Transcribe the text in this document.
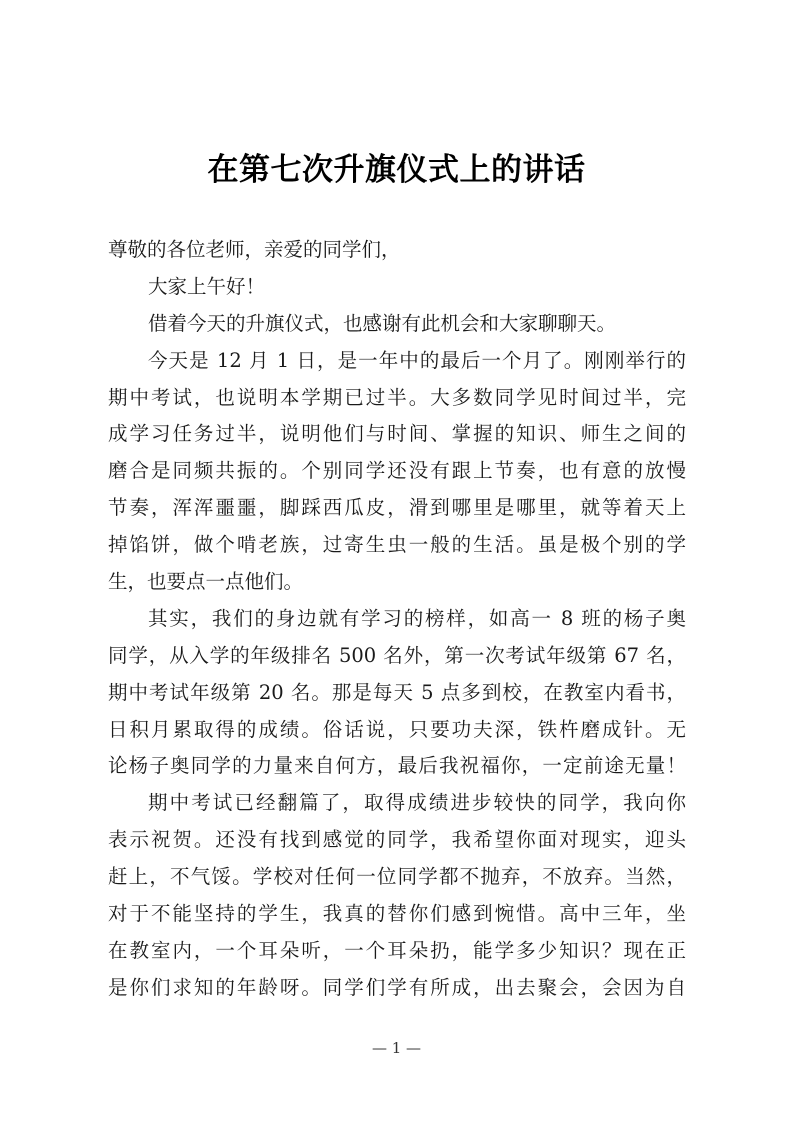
在第七次升旗仪式上的讲话
尊敬的各位老师，亲爱的同学们，
大家上午好！
借着今天的升旗仪式，也感谢有此机会和大家聊聊天。
今天是 12 月 1 日，是一年中的最后一个月了。刚刚举行的
期中考试，也说明本学期已过半。大多数同学见时间过半，完
成学习任务过半，说明他们与时间、掌握的知识、师生之间的
磨合是同频共振的。个别同学还没有跟上节奏，也有意的放慢
节奏，浑浑噩噩，脚踩西瓜皮，滑到哪里是哪里，就等着天上
掉馅饼，做个啃老族，过寄生虫一般的生活。虽是极个别的学
生，也要点一点他们。
其实，我们的身边就有学习的榜样，如高一 8 班的杨子奥
同学，从入学的年级排名 500 名外，第一次考试年级第 67 名，
期中考试年级第 20 名。那是每天 5 点多到校，在教室内看书，
日积月累取得的成绩。俗话说，只要功夫深，铁杵磨成针。无
论杨子奥同学的力量来自何方，最后我祝福你，一定前途无量！
期中考试已经翻篇了，取得成绩进步较快的同学，我向你
表示祝贺。还没有找到感觉的同学，我希望你面对现实，迎头
赶上，不气馁。学校对任何一位同学都不抛弃，不放弃。当然，
对于不能坚持的学生，我真的替你们感到惋惜。高中三年，坐
在教室内，一个耳朵听，一个耳朵扔，能学多少知识？现在正
是你们求知的年龄呀。同学们学有所成，出去聚会，会因为自
— 1 —
